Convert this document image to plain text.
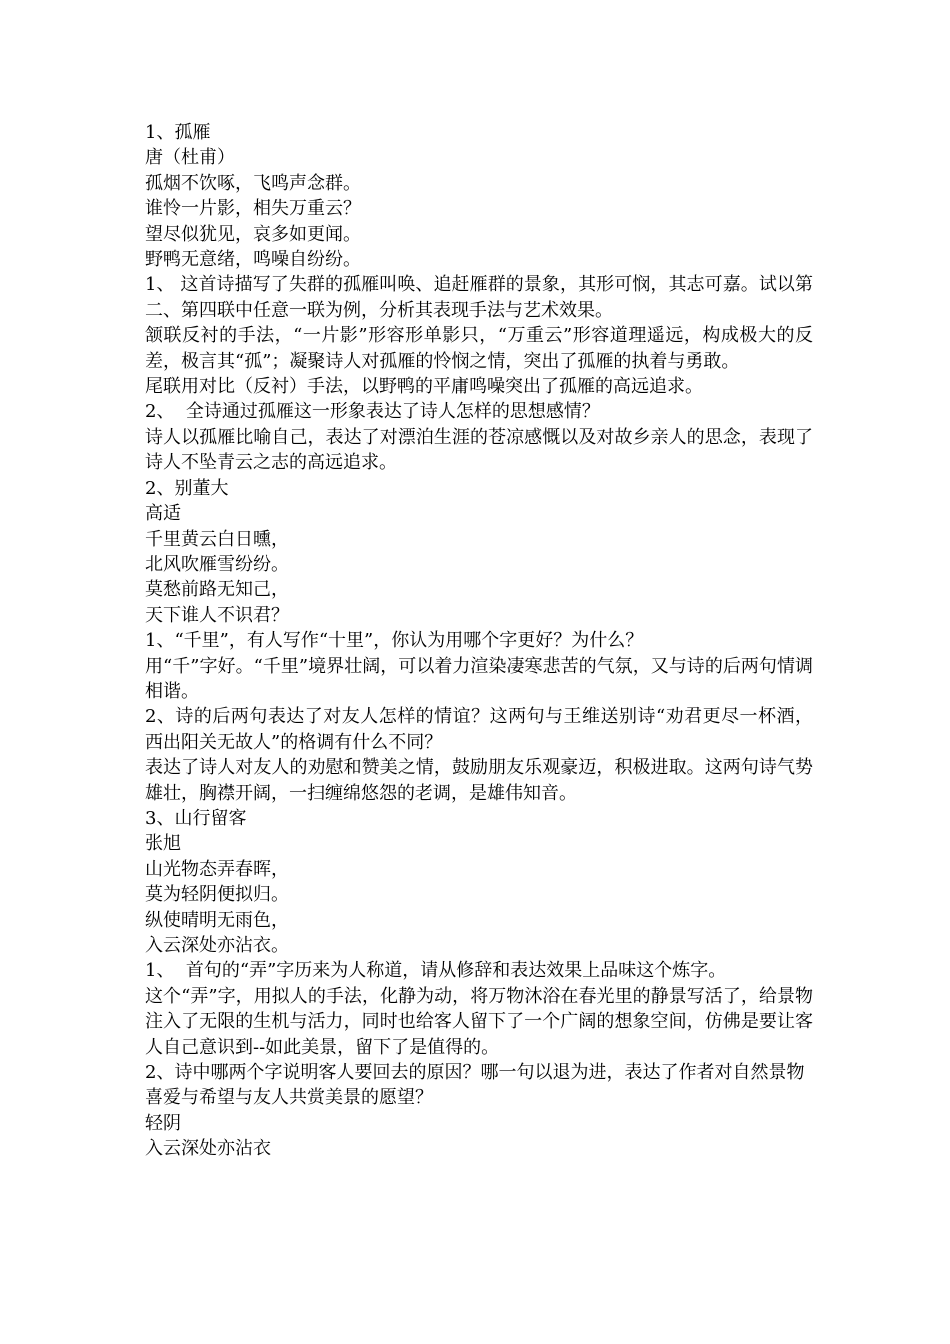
1、孤雁

唐（杜甫）

孤烟不饮啄，飞鸣声念群。

谁怜一片影，相失万重云？

望尽似犹见，哀多如更闻。

野鸭无意绪，鸣噪自纷纷。

1、 这首诗描写了失群的孤雁叫唤、追赶雁群的景象，其形可悯，其志可嘉。试以第二、第四联中任意一联为例，分析其表现手法与艺术效果。

颔联反衬的手法，“一片影”形容形单影只，“万重云”形容道理遥远，构成极大的反差，极言其“孤”；凝聚诗人对孤雁的怜悯之情，突出了孤雁的执着与勇敢。

尾联用对比（反衬）手法，以野鸭的平庸鸣噪突出了孤雁的高远追求。

2、  全诗通过孤雁这一形象表达了诗人怎样的思想感情？

诗人以孤雁比喻自己，表达了对漂泊生涯的苍凉感慨以及对故乡亲人的思念，表现了诗人不坠青云之志的高远追求。

2、别董大

高适

千里黄云白日曛，

北风吹雁雪纷纷。

莫愁前路无知己，

天下谁人不识君？

1、“千里”，有人写作“十里”，你认为用哪个字更好？为什么？

用“千”字好。“千里”境界壮阔，可以着力渲染凄寒悲苦的气氛，又与诗的后两句情调相谐。

2、诗的后两句表达了对友人怎样的情谊？这两句与王维送别诗“劝君更尽一杯酒，西出阳关无故人”的格调有什么不同？

表达了诗人对友人的劝慰和赞美之情，鼓励朋友乐观豪迈，积极进取。这两句诗气势雄壮，胸襟开阔，一扫缠绵悠怨的老调，是雄伟知音。

3、山行留客

张旭

山光物态弄春晖，

莫为轻阴便拟归。

纵使晴明无雨色，

入云深处亦沾衣。

1、  首句的“弄”字历来为人称道，请从修辞和表达效果上品味这个炼字。

这个“弄”字，用拟人的手法，化静为动，将万物沐浴在春光里的静景写活了，给景物注入了无限的生机与活力，同时也给客人留下了一个广阔的想象空间，仿佛是要让客人自己意识到--如此美景，留下了是值得的。

2、诗中哪两个字说明客人要回去的原因？哪一句以退为进，表达了作者对自然景物

喜爱与希望与友人共赏美景的愿望？

轻阴

入云深处亦沾衣
